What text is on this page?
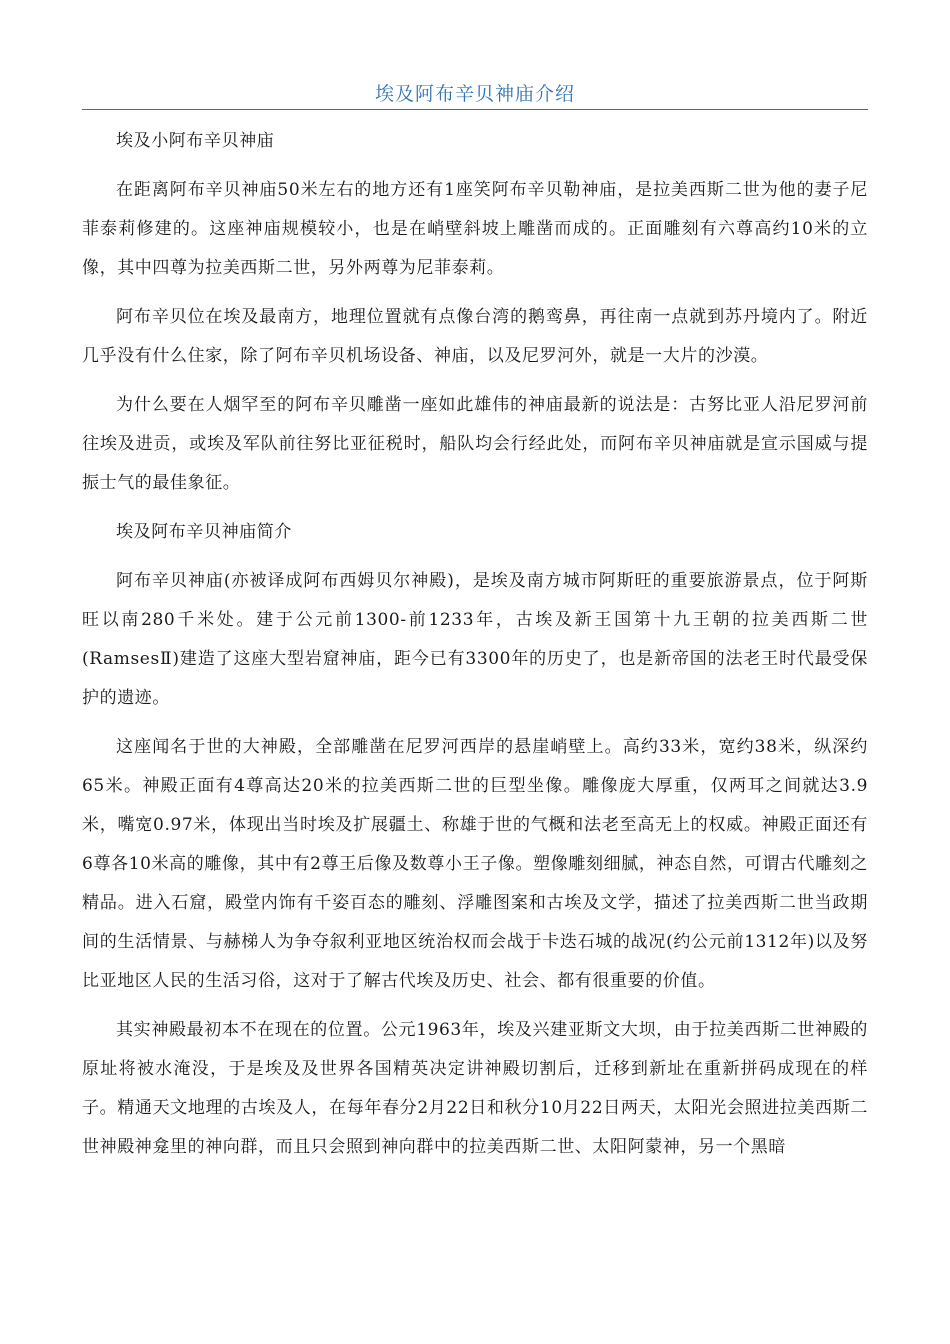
埃及阿布辛贝神庙介绍

埃及小阿布辛贝神庙

在距离阿布辛贝神庙50米左右的地方还有1座笑阿布辛贝勒神庙，是拉美西斯二世为他的妻子尼菲泰莉修建的。这座神庙规模较小，也是在峭壁斜坡上雕凿而成的。正面雕刻有六尊高约10米的立像，其中四尊为拉美西斯二世，另外两尊为尼菲泰莉。

阿布辛贝位在埃及最南方，地理位置就有点像台湾的鹅鸾鼻，再往南一点就到苏丹境内了。附近几乎没有什么住家，除了阿布辛贝机场设备、神庙，以及尼罗河外，就是一大片的沙漠。

为什么要在人烟罕至的阿布辛贝雕凿一座如此雄伟的神庙最新的说法是：古努比亚人沿尼罗河前往埃及进贡，或埃及军队前往努比亚征税时，船队均会行经此处，而阿布辛贝神庙就是宣示国威与提振士气的最佳象征。

埃及阿布辛贝神庙简介

阿布辛贝神庙(亦被译成阿布西姆贝尔神殿)，是埃及南方城市阿斯旺的重要旅游景点，位于阿斯旺以南280千米处。建于公元前1300-前1233年，古埃及新王国第十九王朝的拉美西斯二世(RamsesⅡ)建造了这座大型岩窟神庙，距今已有3300年的历史了，也是新帝国的法老王时代最受保护的遗迹。

这座闻名于世的大神殿，全部雕凿在尼罗河西岸的悬崖峭壁上。高约33米，宽约38米，纵深约65米。神殿正面有4尊高达20米的拉美西斯二世的巨型坐像。雕像庞大厚重，仅两耳之间就达3.9米，嘴宽0.97米，体现出当时埃及扩展疆土、称雄于世的气概和法老至高无上的权威。神殿正面还有6尊各10米高的雕像，其中有2尊王后像及数尊小王子像。塑像雕刻细腻，神态自然，可谓古代雕刻之精品。进入石窟，殿堂内饰有千姿百态的雕刻、浮雕图案和古埃及文学，描述了拉美西斯二世当政期间的生活情景、与赫梯人为争夺叙利亚地区统治权而会战于卡迭石城的战况(约公元前1312年)以及努比亚地区人民的生活习俗，这对于了解古代埃及历史、社会、都有很重要的价值。

其实神殿最初本不在现在的位置。公元1963年，埃及兴建亚斯文大坝，由于拉美西斯二世神殿的原址将被水淹没，于是埃及及世界各国精英决定讲神殿切割后，迁移到新址在重新拼码成现在的样子。精通天文地理的古埃及人，在每年春分2月22日和秋分10月22日两天，太阳光会照进拉美西斯二世神殿神龛里的神向群，而且只会照到神向群中的拉美西斯二世、太阳阿蒙神，另一个黑暗
